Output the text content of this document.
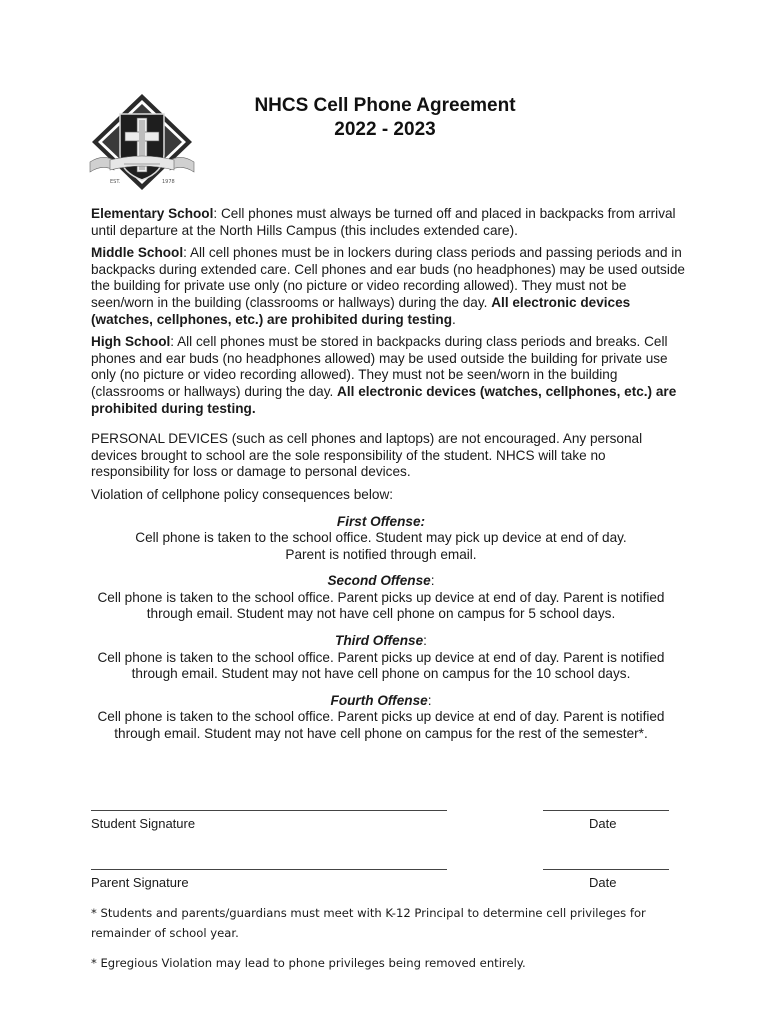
EST.	1978
NHCS Cell Phone Agreement
2022 - 2023

Elementary School: Cell phones must always be turned off and placed in backpacks from arrival until departure at the North Hills Campus (this includes extended care).

Middle School: All cell phones must be in lockers during class periods and passing periods and in backpacks during extended care. Cell phones and ear buds (no headphones) may be used outside the building for private use only (no picture or video recording allowed). They must not be seen/worn in the building (classrooms or hallways) during the day. All electronic devices (watches, cellphones, etc.) are prohibited during testing.

High School: All cell phones must be stored in backpacks during class periods and breaks. Cell phones and ear buds (no headphones allowed) may be used outside the building for private use only (no picture or video recording allowed). They must not be seen/worn in the building (classrooms or hallways) during the day. All electronic devices (watches, cellphones, etc.) are prohibited during testing.

PERSONAL DEVICES (such as cell phones and laptops) are not encouraged. Any personal devices brought to school are the sole responsibility of the student. NHCS will take no responsibility for loss or damage to personal devices.

Violation of cellphone policy consequences below:

First Offense:
Cell phone is taken to the school office. Student may pick up device at end of day.
Parent is notified through email.
Second Offense:
Cell phone is taken to the school office. Parent picks up device at end of day. Parent is notified
through email. Student may not have cell phone on campus for 5 school days.
Third Offense:
Cell phone is taken to the school office. Parent picks up device at end of day. Parent is notified
through email. Student may not have cell phone on campus for the 10 school days.
Fourth Offense:
Cell phone is taken to the school office. Parent picks up device at end of day. Parent is notified
through email. Student may not have cell phone on campus for the rest of the semester*.
Student Signature	Date
Parent Signature	Date

* Students and parents/guardians must meet with K-12 Principal to determine cell privileges for remainder of school year.

* Egregious Violation may lead to phone privileges being removed entirely.
